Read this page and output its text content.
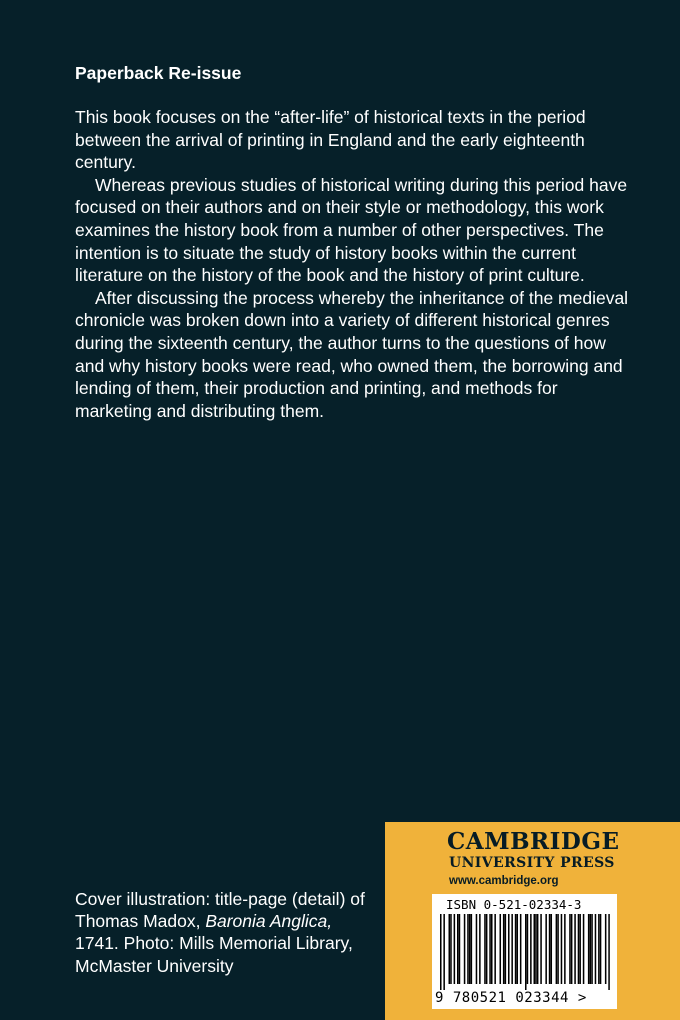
Paperback Re-issue

This book focuses on the “after-life” of historical texts in the period between the arrival of printing in England and the early eighteenth century.

Whereas previous studies of historical writing during this period have focused on their authors and on their style or methodology, this work examines the history book from a number of other perspectives. The intention is to situate the study of history books within the current literature on the history of the book and the history of print culture.

After discussing the process whereby the inheritance of the medieval chronicle was broken down into a variety of different historical genres during the sixteenth century, the author turns to the questions of how and why history books were read, who owned them, the borrowing and lending of them, their production and printing, and methods for marketing and distributing them.

Cover illustration: title-page (detail) of Thomas Madox, Baronia Anglica, 1741. Photo: Mills Memorial Library, McMaster University
CAMBRIDGE
UNIVERSITY PRESS
www.cambridge.org
ISBN 0-521-02334-3
9 780521 023344 >
